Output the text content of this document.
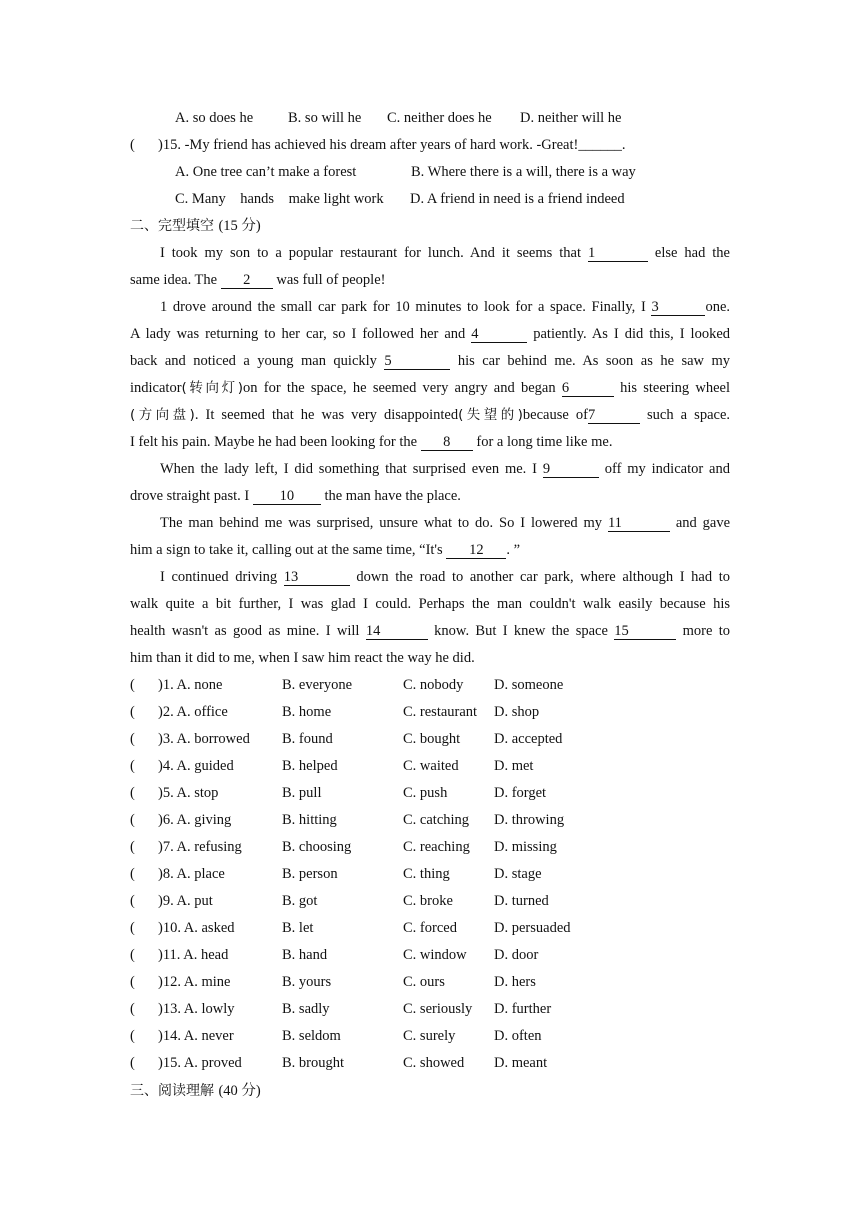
A. so does he B. so will he C. neither does he D. neither will he
( )15. -My friend has achieved his dream after years of hard work. -Great!______.
A. One tree can’t make a forest	B. Where there is a will, there is a way
C. Many    hands    make light work D. A friend in need is a friend indeed
二、完型填空 (15 分)
I took my son to a popular restaurant for lunch. And it seems that 1	else had the
same idea. The 2 was full of people!
1 drove around the small car park for 10 minutes to look for a space. Finally, I 3	one.
A lady was returning to her car, so I followed her and 4	patiently. As I did this, I looked
back and noticed a young man quickly 5	his car behind me. As soon as he saw my
indicator(转向灯)on for the space, he seemed very angry and began 6	his steering wheel
(方向盘). It seemed that he was very disappointed(失望的)because of7	such a space.
I felt his pain. Maybe he had been looking for the 8 for a long time like me.
When the lady left, I did something that surprised even me. I 9	off my indicator and
drove straight past. I 10 the man have the place.
The man behind me was surprised, unsure what to do. So I lowered my 11	and gave
him a sign to take it, calling out at the same time, “It's 12 . ”
I continued driving 13	down the road to another car park, where although I had to
walk quite a bit further, I was glad I could. Perhaps the man couldn't walk easily because his
health wasn't as good as mine. I will 14	know. But I knew the space 15	more to
him than it did to me, when I saw him react the way he did.
( )1. A. none	B. everyone	C. nobody D. someone
( )2. A. office	B. home	C. restaurant D. shop
( )3. A. borrowed B. found	C. bought D. accepted
( )4. A. guided	B. helped	C. waited D. met
( )5. A. stop	B. pull	C. push	D. forget
( )6. A. giving	B. hitting	C. catching D. throwing
( )7. A. refusing	B. choosing	C. reaching D. missing
( )8. A. place	B. person	C. thing	D. stage
( )9. A. put	B. got	C. broke	D. turned
( )10. A. asked	B. let	C. forced	D. persuaded
( )11. A. head	B. hand	C. window D. door
( )12. A. mine	B. yours	C. ours	D. hers
( )13. A. lowly	B. sadly	C. seriously D. further
( )14. A. never	B. seldom	C. surely	D. often
( )15. A. proved	B. brought	C. showed D. meant
三、阅读理解 (40 分)
